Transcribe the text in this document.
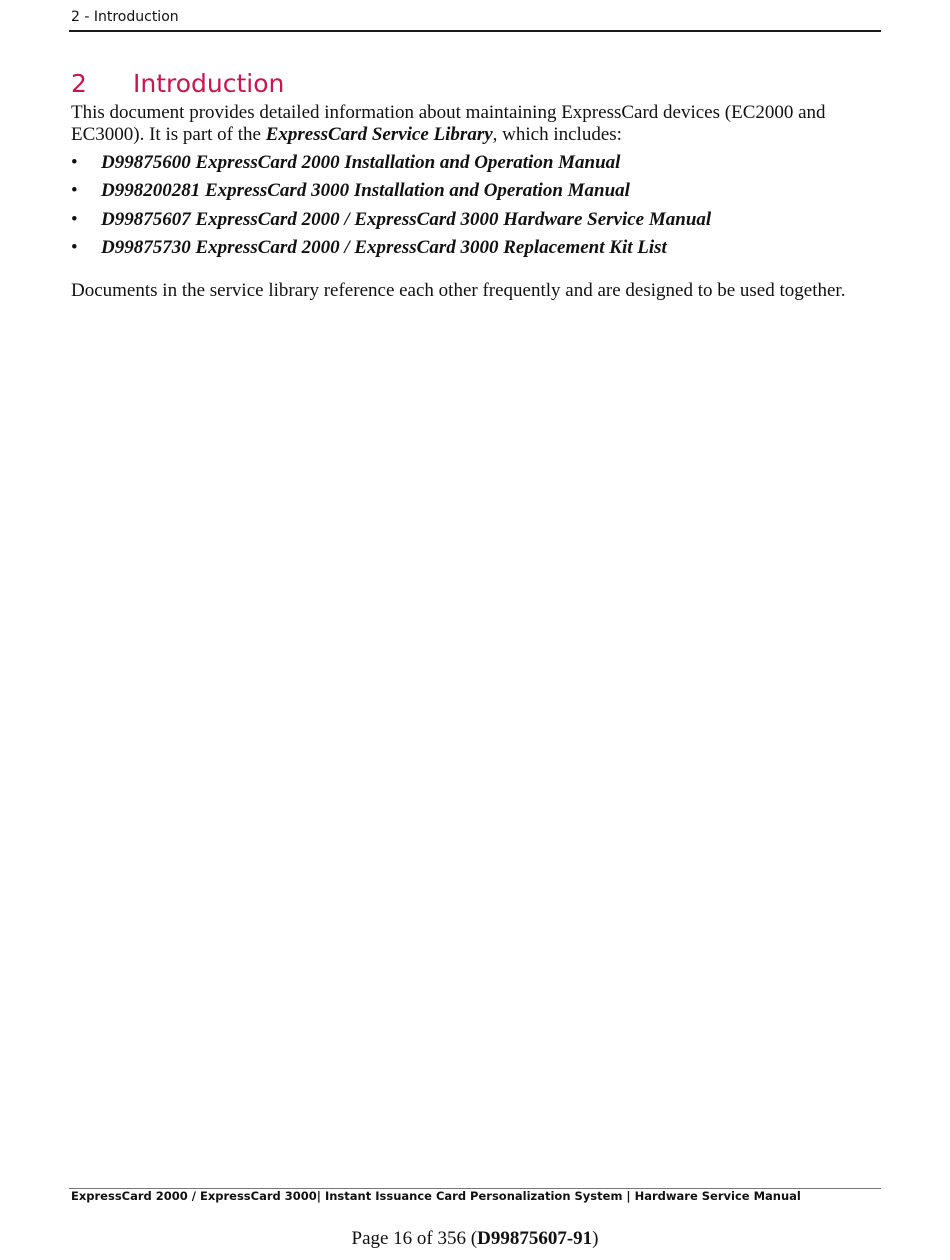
2 - Introduction
2 Introduction

This document provides detailed information about maintaining ExpressCard devices (EC2000 and EC3000). It is part of the ExpressCard Service Library, which includes:

• D99875600 ExpressCard 2000 Installation and Operation Manual
• D998200281 ExpressCard 3000 Installation and Operation Manual
• D99875607 ExpressCard 2000 / ExpressCard 3000 Hardware Service Manual
• D99875730 ExpressCard 2000 / ExpressCard 3000 Replacement Kit List

Documents in the service library reference each other frequently and are designed to be used together.

ExpressCard 2000 / ExpressCard 3000| Instant Issuance Card Personalization System | Hardware Service Manual
Page 16 of 356 (D99875607-91)
